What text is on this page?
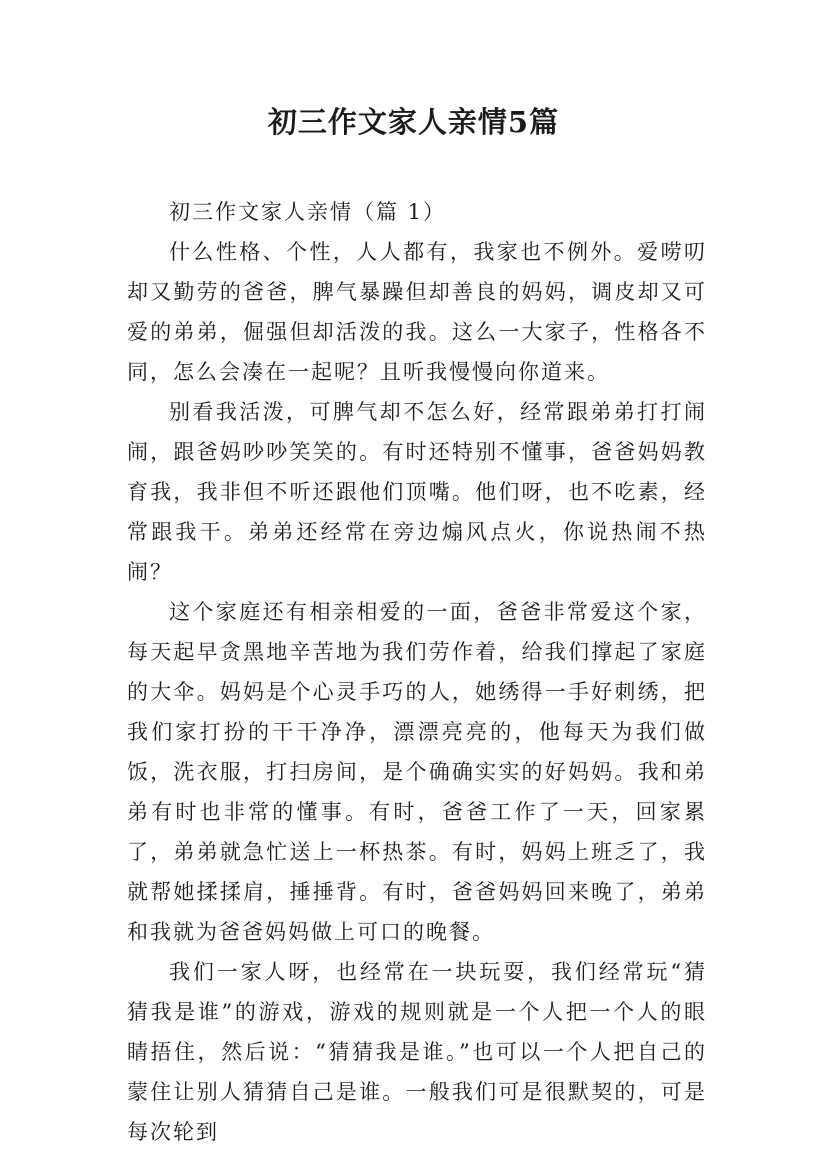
初三作文家人亲情5篇

初三作文家人亲情（篇 1）

什么性格、个性，人人都有，我家也不例外。爱唠叨却又勤劳的爸爸，脾气暴躁但却善良的妈妈，调皮却又可爱的弟弟，倔强但却活泼的我。这么一大家子，性格各不同，怎么会凑在一起呢？且听我慢慢向你道来。

别看我活泼，可脾气却不怎么好，经常跟弟弟打打闹闹，跟爸妈吵吵笑笑的。有时还特别不懂事，爸爸妈妈教育我，我非但不听还跟他们顶嘴。他们呀，也不吃素，经常跟我干。弟弟还经常在旁边煽风点火，你说热闹不热闹？

这个家庭还有相亲相爱的一面，爸爸非常爱这个家，每天起早贪黑地辛苦地为我们劳作着，给我们撑起了家庭的大伞。妈妈是个心灵手巧的人，她绣得一手好刺绣，把我们家打扮的干干净净，漂漂亮亮的，他每天为我们做饭，洗衣服，打扫房间，是个确确实实的好妈妈。我和弟弟有时也非常的懂事。有时，爸爸工作了一天，回家累了，弟弟就急忙送上一杯热茶。有时，妈妈上班乏了，我就帮她揉揉肩，捶捶背。有时，爸爸妈妈回来晚了，弟弟和我就为爸爸妈妈做上可口的晚餐。

我们一家人呀，也经常在一块玩耍，我们经常玩“猜猜我是谁”的游戏，游戏的规则就是一个人把一个人的眼睛捂住，然后说：“猜猜我是谁。”也可以一个人把自己的蒙住让别人猜猜自己是谁。一般我们可是很默契的，可是每次轮到
